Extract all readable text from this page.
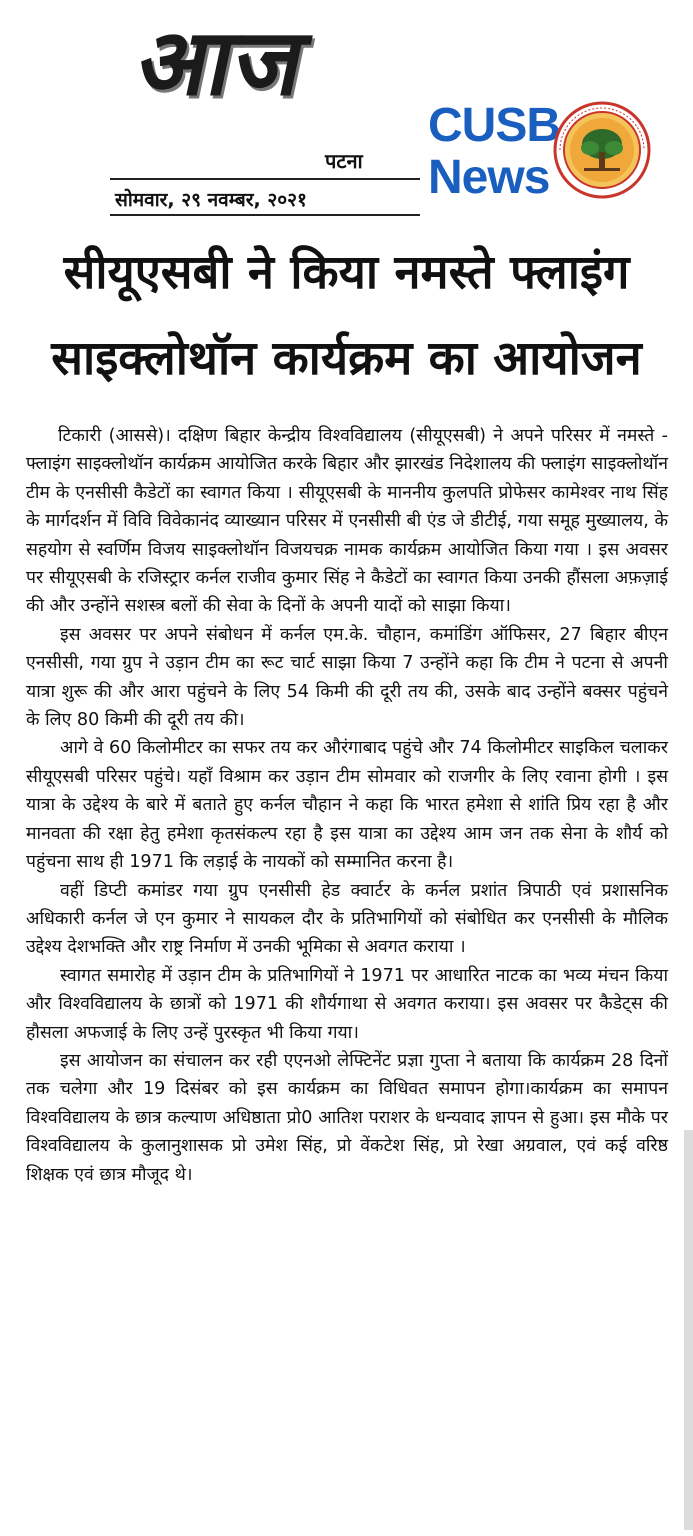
आज
पटना
सोमवार, २९ नवम्बर, २०२१
CUSB
News
सीयूएसबी ने किया नमस्ते फ्लाइंग
साइक्लोथॉन कार्यक्रम का आयोजन

टिकारी (आससे)। दक्षिण बिहार केन्द्रीय विश्वविद्यालय (सीयूएसबी) ने अपने परिसर में नमस्ते - फ्लाइंग साइक्लोथॉन कार्यक्रम आयोजित करके बिहार और झारखंड निदेशालय की फ्लाइंग साइक्लोथॉन टीम के एनसीसी कैडेटों का स्वागत किया । सीयूएसबी के माननीय कुलपति प्रोफेसर कामेश्वर नाथ सिंह के मार्गदर्शन में विवि विवेकानंद व्याख्यान परिसर में एनसीसी बी एंड जे डीटीई, गया समूह मुख्यालय, के सहयोग से स्वर्णिम विजय साइक्लोथॉन विजयचक्र नामक कार्यक्रम आयोजित किया गया । इस अवसर पर सीयूएसबी के रजिस्ट्रार कर्नल राजीव कुमार सिंह ने कैडेटों का स्वागत किया उनकी हौंसला अफ़ज़ाई की और उन्होंने सशस्त्र बलों की सेवा के दिनों के अपनी यादों को साझा किया।

इस अवसर पर अपने संबोधन में कर्नल एम.के. चौहान, कमांडिंग ऑफिसर, 27 बिहार बीएन एनसीसी, गया ग्रुप ने उड़ान टीम का रूट चार्ट साझा किया 7 उन्होंने कहा कि टीम ने पटना से अपनी यात्रा शुरू की और आरा पहुंचने के लिए 54 किमी की दूरी तय की, उसके बाद उन्होंने बक्सर पहुंचने के लिए 80 किमी की दूरी तय की।

आगे वे 60 किलोमीटर का सफर तय कर औरंगाबाद पहुंचे और 74 किलोमीटर साइकिल चलाकर सीयूएसबी परिसर पहुंचे। यहाँ विश्राम कर उड़ान टीम सोमवार को राजगीर के लिए रवाना होगी । इस यात्रा के उद्देश्य के बारे में बताते हुए कर्नल चौहान ने कहा कि भारत हमेशा से शांति प्रिय रहा है और मानवता की रक्षा हेतु हमेशा कृतसंकल्प रहा है इस यात्रा का उद्देश्य आम जन तक सेना के शौर्य को पहुंचना साथ ही 1971 कि लड़ाई के नायकों को सम्मानित करना है।

वहीं डिप्टी कमांडर गया ग्रुप एनसीसी हेड क्वार्टर के कर्नल प्रशांत त्रिपाठी एवं प्रशासनिक अधिकारी कर्नल जे एन कुमार ने सायकल दौर के प्रतिभागियों को संबोधित कर एनसीसी के मौलिक उद्देश्य देशभक्ति और राष्ट्र निर्माण में उनकी भूमिका से अवगत कराया ।

स्वागत समारोह में उड़ान टीम के प्रतिभागियों ने 1971 पर आधारित नाटक का भव्य मंचन किया और विश्वविद्यालय के छात्रों को 1971 की शौर्यगाथा से अवगत कराया। इस अवसर पर कैडेट्स की हौसला अफजाई के लिए उन्हें पुरस्कृत भी किया गया।

इस आयोजन का संचालन कर रही एएनओ लेफ्टिनेंट प्रज्ञा गुप्ता ने बताया कि कार्यक्रम 28 दिनों तक चलेगा और 19 दिसंबर को इस कार्यक्रम का विधिवत समापन होगा।कार्यक्रम का समापन विश्वविद्यालय के छात्र कल्याण अधिष्ठाता प्रो0 आतिश पराशर के धन्यवाद ज्ञापन से हुआ। इस मौके पर विश्वविद्यालय के कुलानुशासक प्रो उमेश सिंह, प्रो वेंकटेश सिंह, प्रो रेखा अग्रवाल, एवं कई वरिष्ठ शिक्षक एवं छात्र मौजूद थे।
